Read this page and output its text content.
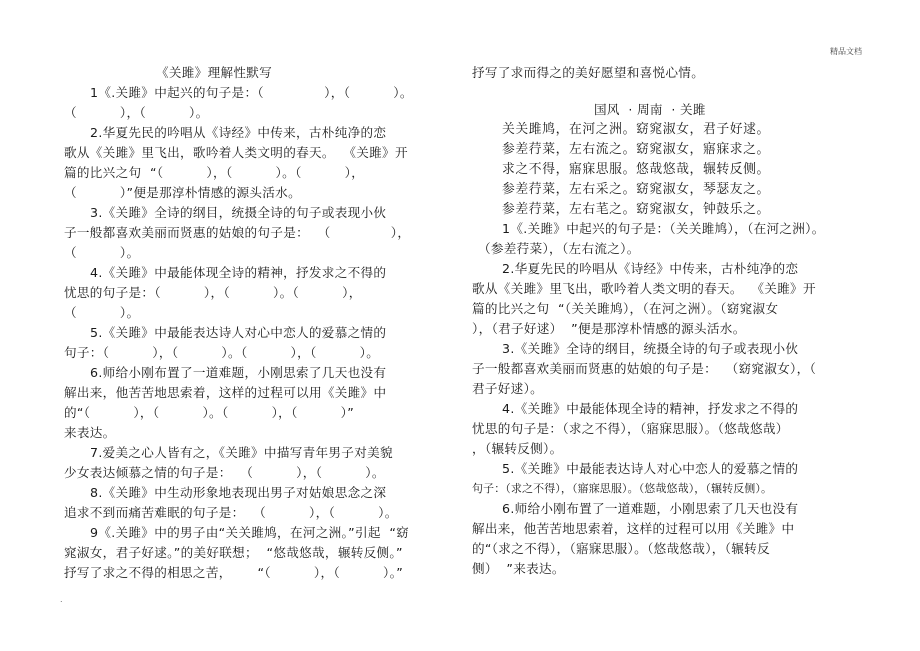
精品文档
《关雎》理解性默写
1《.关雎》中起兴的句子是：（              ），（          ）。
（          ），（          ）。
2.华夏先民的吟唱从《诗经》中传来，古朴纯净的恋
歌从《关雎》里飞出，歌吟着人类文明的春天。  《关雎》开
篇的比兴之句  “（          ），（          ）。（          ），
（          ）”便是那淳朴情感的源头活水。
3.《关雎》全诗的纲目，统摄全诗的句子或表现小伙
子一般都喜欢美丽而贤惠的姑娘的句子是：  （              ），
（          ）。
4.《关雎》中最能体现全诗的精神，抒发求之不得的
忧思的句子是：（          ），（          ）。（          ），
（          ）。
5.《关雎》中最能表达诗人对心中恋人的爱慕之情的
句子：（          ），（          ）。（          ），（          ）。
6.师给小刚布置了一道难题，小刚思索了几天也没有
解出来，他苦苦地思索着，这样的过程可以用《关雎》中
的“（          ），（          ）。（          ），（          ）”
来表达。
7.爱美之心人皆有之，《关雎》中描写青年男子对美貌
少女表达倾慕之情的句子是：  （          ），（          ）。
8.《关雎》中生动形象地表现出男子对姑娘思念之深
追求不到而痛苦难眠的句子是：  （          ），（          ）。
9《.关雎》中的男子由“关关雎鸠，在河之洲。”引起  “窈
窕淑女，君子好逑。”的美好联想；  “悠哉悠哉，辗转反侧。”
抒写了求之不得的相思之苦，      “（          ），（          ）。”
抒写了求而得之的美好愿望和喜悦心情。
国风  · 周南  · 关雎
关关雎鸠，在河之洲。窈窕淑女，君子好逑。
参差荇菜，左右流之。窈窕淑女，寤寐求之。
求之不得，寤寐思服。悠哉悠哉，辗转反侧。
参差荇菜，左右采之。窈窕淑女，琴瑟友之。
参差荇菜，左右芼之。窈窕淑女，钟鼓乐之。
1《.关雎》中起兴的句子是：（关关雎鸠），（在河之洲）。
（参差荇菜），（左右流之）。
2.华夏先民的吟唱从《诗经》中传来，古朴纯净的恋
歌从《关雎》里飞出，歌吟着人类文明的春天。  《关雎》开
篇的比兴之句  “（关关雎鸠），（在河之洲）。（窈窕淑女
），（君子好逑）  ”便是那淳朴情感的源头活水。
3.《关雎》全诗的纲目，统摄全诗的句子或表现小伙
子一般都喜欢美丽而贤惠的姑娘的句子是：  （窈窕淑女），（
君子好逑）。
4.《关雎》中最能体现全诗的精神，抒发求之不得的
忧思的句子是：（求之不得），（寤寐思服）。（悠哉悠哉）
，（辗转反侧）。
5.《关雎》中最能表达诗人对心中恋人的爱慕之情的
句子：（求之不得），（寤寐思服）。（悠哉悠哉），（辗转反侧）。
6.师给小刚布置了一道难题，小刚思索了几天也没有
解出来，他苦苦地思索着，这样的过程可以用《关雎》中
的“（求之不得），（寤寐思服）。（悠哉悠哉），（辗转反
侧）  ”来表达。
.
